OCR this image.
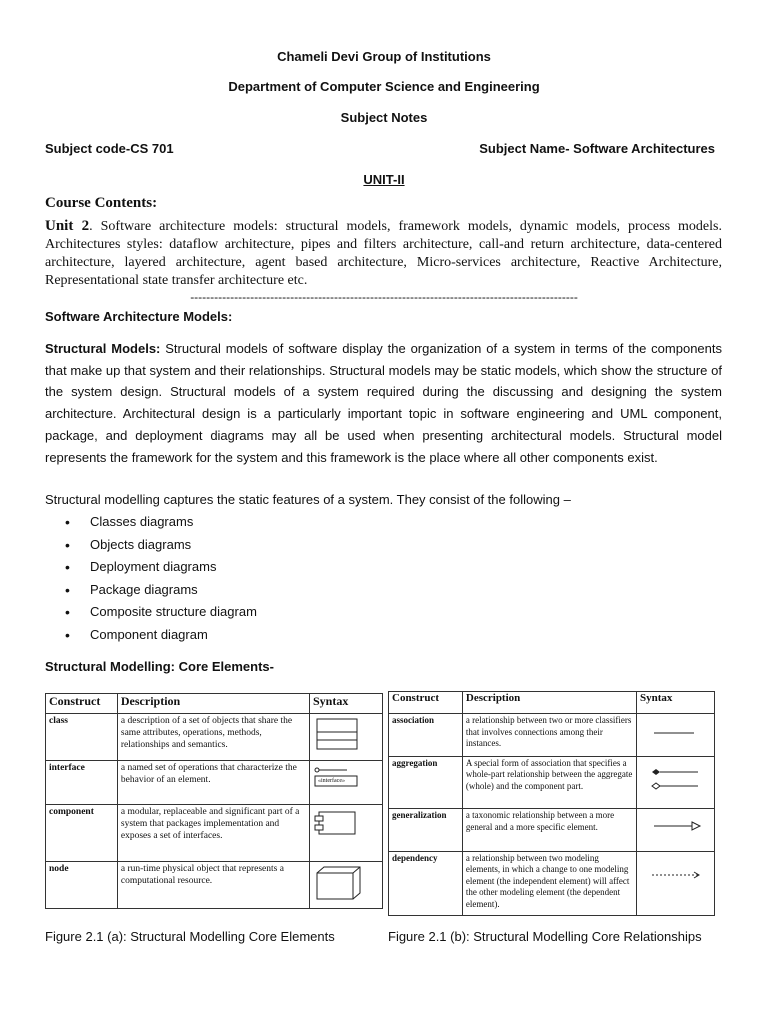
Chameli Devi Group of Institutions
Department of Computer Science and Engineering
Subject Notes
Subject code-CS 701	Subject Name- Software Architectures
UNIT-II
Course Contents:
Unit 2. Software architecture models: structural models, framework models, dynamic models, process models. Architectures styles: dataflow architecture, pipes and filters architecture, call-and return architecture, data-centered architecture, layered architecture, agent based architecture, Micro-services architecture, Reactive Architecture, Representational state transfer architecture etc.
-------------------------------------------------------------------------------------------------
Software Architecture Models:
Structural Models: Structural models of software display the organization of a system in terms of the components that make up that system and their relationships. Structural models may be static models, which show the structure of the system design. Structural models of a system required during the discussing and designing the system architecture. Architectural design is a particularly important topic in software engineering and UML component, package, and deployment diagrams may all be used when presenting architectural models. Structural model represents the framework for the system and this framework is the place where all other components exist.
Structural modelling captures the static features of a system. They consist of the following –
• Classes diagrams
• Objects diagrams
• Deployment diagrams
• Package diagrams
• Composite structure diagram
• Component diagram
Structural Modelling: Core Elements-
Construct	Description	Syntax
class	a description of a set of objects that share the same attributes, operations, methods, relationships and semantics.	
interface	a named set of operations that characterize the behavior of an element.	«interface»

component	a modular, replaceable and significant part of a system that packages implementation and exposes a set of interfaces.	
node	a run-time physical object that represents a computational resource.	
Construct	Description	Syntax
association	a relationship between two or more classifiers that involves connections among their instances.	
aggregation	A special form of association that specifies a whole-part relationship between the aggregate (whole) and the component part.	
generalization	a taxonomic relationship between a more general and a more specific element.	
dependency	a relationship between two modeling elements, in which a change to one modeling element (the independent element) will affect the other modeling element (the dependent element).	
Figure 2.1 (a): Structural Modelling Core Elements	Figure 2.1 (b): Structural Modelling Core Relationships
